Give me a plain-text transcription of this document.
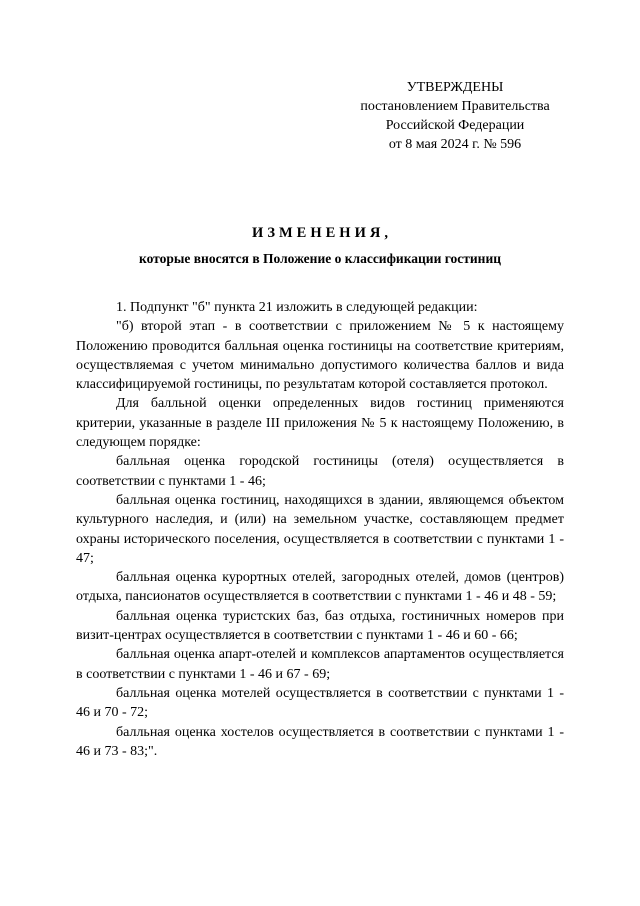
УТВЕРЖДЕНЫ
постановлением Правительства
Российской Федерации
от 8 мая 2024 г. № 596
ИЗМЕНЕНИЯ,
которые вносятся в Положение о классификации гостиниц

1. Подпункт "б" пункта 21 изложить в следующей редакции:

"б) второй этап - в соответствии с приложением № 5 к настоящему Положению проводится балльная оценка гостиницы на соответствие критериям, осуществляемая с учетом минимально допустимого количества баллов и вида классифицируемой гостиницы, по результатам которой составляется протокол.

Для балльной оценки определенных видов гостиниц применяются критерии, указанные в разделе III приложения № 5 к настоящему Положению, в следующем порядке:

балльная оценка городской гостиницы (отеля) осуществляется в соответствии с пунктами 1 - 46;

балльная оценка гостиниц, находящихся в здании, являющемся объектом культурного наследия, и (или) на земельном участке, составляющем предмет охраны исторического поселения, осуществляется в соответствии с пунктами 1 - 47;

балльная оценка курортных отелей, загородных отелей, домов (центров) отдыха, пансионатов осуществляется в соответствии с пунктами 1 - 46 и 48 - 59;

балльная оценка туристских баз, баз отдыха, гостиничных номеров при визит-центрах осуществляется в соответствии с пунктами 1 - 46 и 60 - 66;

балльная оценка апарт-отелей и комплексов апартаментов осуществляется в соответствии с пунктами 1 - 46 и 67 - 69;

балльная оценка мотелей осуществляется в соответствии с пунктами 1 - 46 и 70 - 72;

балльная оценка хостелов осуществляется в соответствии с пунктами 1 - 46 и 73 - 83;".
